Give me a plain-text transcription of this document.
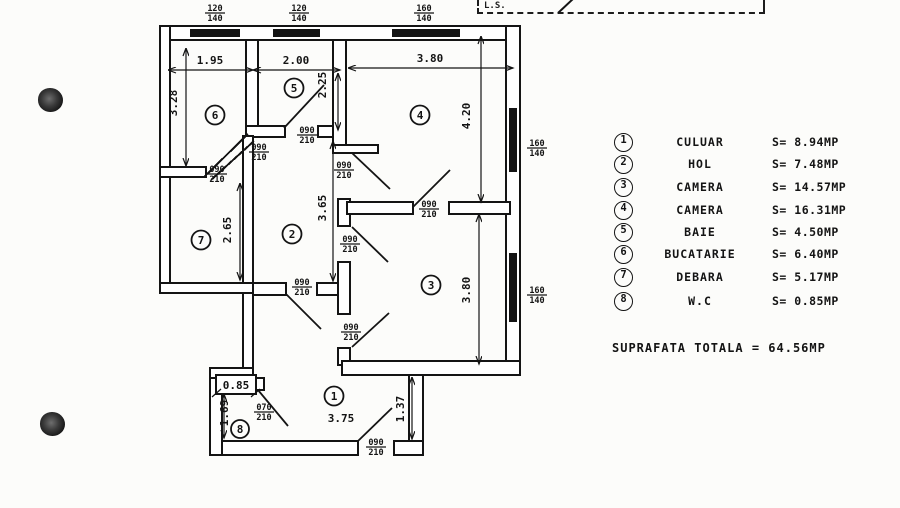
L.S.
1.95	2.00	3.80
3.28
2.25
4.20
3.65
2.65
3.80
1.37
1.69	3.75
0.85
120
140
120
140
160
140
160
140
160
140
090
210
090
210
090
210
090
210
090
210
090
210
090
210
090
210
070
210
090
210
1
2
3
4
5
6
7
8
1	CULUAR	S= 8.94MP
2	HOL	S= 7.48MP
3	CAMERA	S= 14.57MP
4	CAMERA	S= 16.31MP
5	BAIE	S= 4.50MP
6	BUCATARIE	S= 6.40MP
7	DEBARA	S= 5.17MP
8	W.C	S= 0.85MP
SUPRAFATA TOTALA = 64.56MP
